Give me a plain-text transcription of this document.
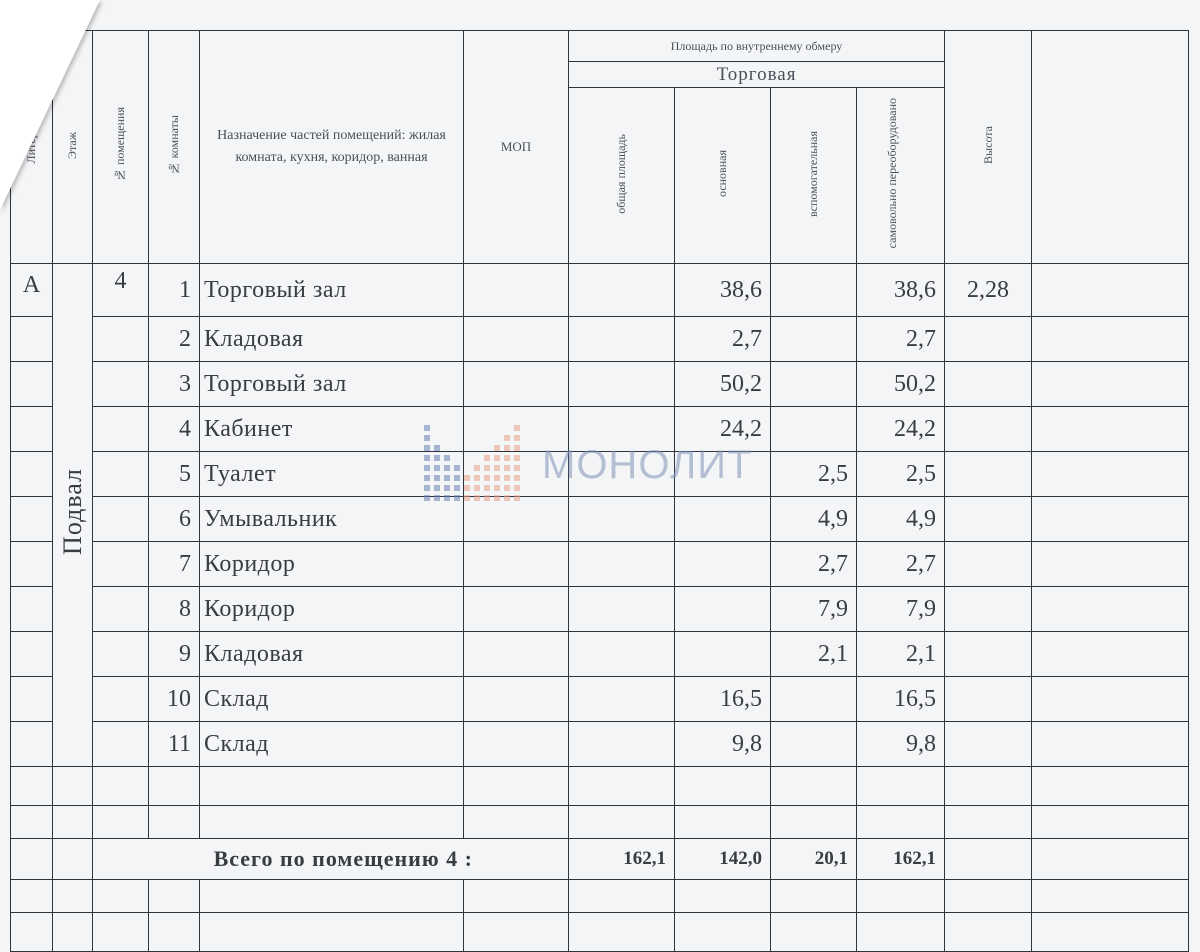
Литера	Этаж	№ помещения	№ комнаты	Назначение частей помещений: жилая комната, кухня, коридор, ванная	МОП	Площадь по внутреннему обмеру				Высота	
						Торговая					
						общая площадь	основная	вспомогательная	самовольно переоборудовано		
А	Подвал	4	1	Торговый зал			38,6		38,6	2,28	
			2	Кладовая			2,7		2,7		
			3	Торговый зал			50,2		50,2		
			4	Кабинет			24,2		24,2		
			5	Туалет				2,5	2,5		
			6	Умывальник				4,9	4,9		
			7	Коридор				2,7	2,7		
			8	Коридор				7,9	7,9		
			9	Кладовая				2,1	2,1		
			10	Склад			16,5		16,5		
			11	Склад			9,8		9,8		

		Всего по помещению 4 :				162,1	142,0	20,1	162,1		

МОНОЛИТ
